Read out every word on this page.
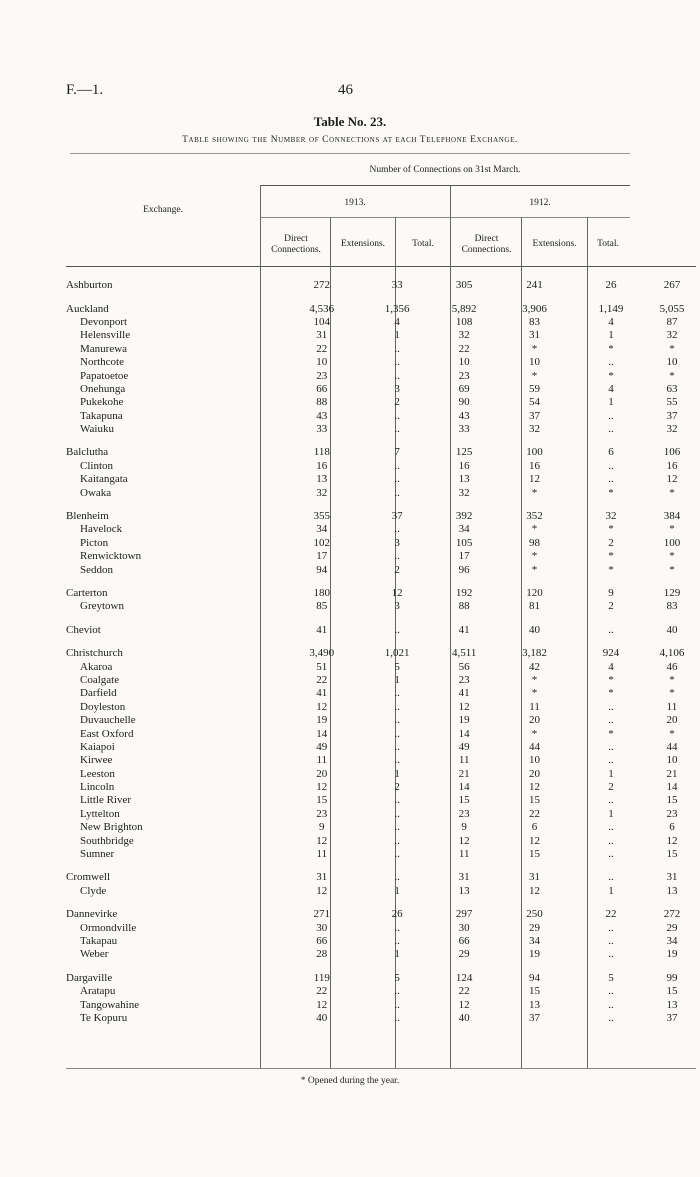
F.—1.	46
Table No. 23.
Table showing the Number of Connections at each Telephone Exchange.
Number of Connections on 31st March.
Exchange.
1913.	1912.
Direct Connections.
Extensions.	Total.	Direct Connections.
Extensions.	Total.
Ashburton	272	33	305	241	26	267

Auckland	4,536	1,356	5,892	3,906	1,149	5,055
Devonport	104	4	108	83	4	87
Helensville	31	1	32	31	1	32
Manurewa	22	..	22	*	*	*
Northcote	10	..	10	10	..	10
Papatoetoe	23	..	23	*	*	*
Onehunga	66	3	69	59	4	63
Pukekohe	88	2	90	54	1	55
Takapuna	43	..	43	37	..	37
Waiuku	33	..	33	32	..	32

Balclutha	118	7	125	100	6	106
Clinton	16	..	16	16	..	16
Kaitangata	13	..	13	12	..	12
Owaka	32	..	32	*	*	*

Blenheim	355	37	392	352	32	384
Havelock	34	..	34	*	*	*
Picton	102	3	105	98	2	100
Renwicktown	17	..	17	*	*	*
Seddon	94	2	96	*	*	*

Carterton	180	12	192	120	9	129
Greytown	85	3	88	81	2	83

Cheviot	41	..	41	40	..	40

Christchurch	3,490	1,021	4,511	3,182	924	4,106
Akaroa	51	5	56	42	4	46
Coalgate	22	1	23	*	*	*
Darfield	41	..	41	*	*	*
Doyleston	12	..	12	11	..	11
Duvauchelle	19	..	19	20	..	20
East Oxford	14	..	14	*	*	*
Kaiapoi	49	..	49	44	..	44
Kirwee	11	..	11	10	..	10
Leeston	20	1	21	20	1	21
Lincoln	12	2	14	12	2	14
Little River	15	..	15	15	..	15
Lyttelton	23	..	23	22	1	23
New Brighton	9	..	9	6	..	6
Southbridge	12	..	12	12	..	12
Sumner	11	..	11	15	..	15

Cromwell	31	..	31	31	..	31
Clyde	12	1	13	12	1	13

Dannevirke	271	26	297	250	22	272
Ormondville	30	..	30	29	..	29
Takapau	66	..	66	34	..	34
Weber	28	1	29	19	..	19

Dargaville	119	5	124	94	5	99
Aratapu	22	..	22	15	..	15
Tangowahine	12	..	12	13	..	13
Te Kopuru	40	..	40	37	..	37
* Opened during the year.
